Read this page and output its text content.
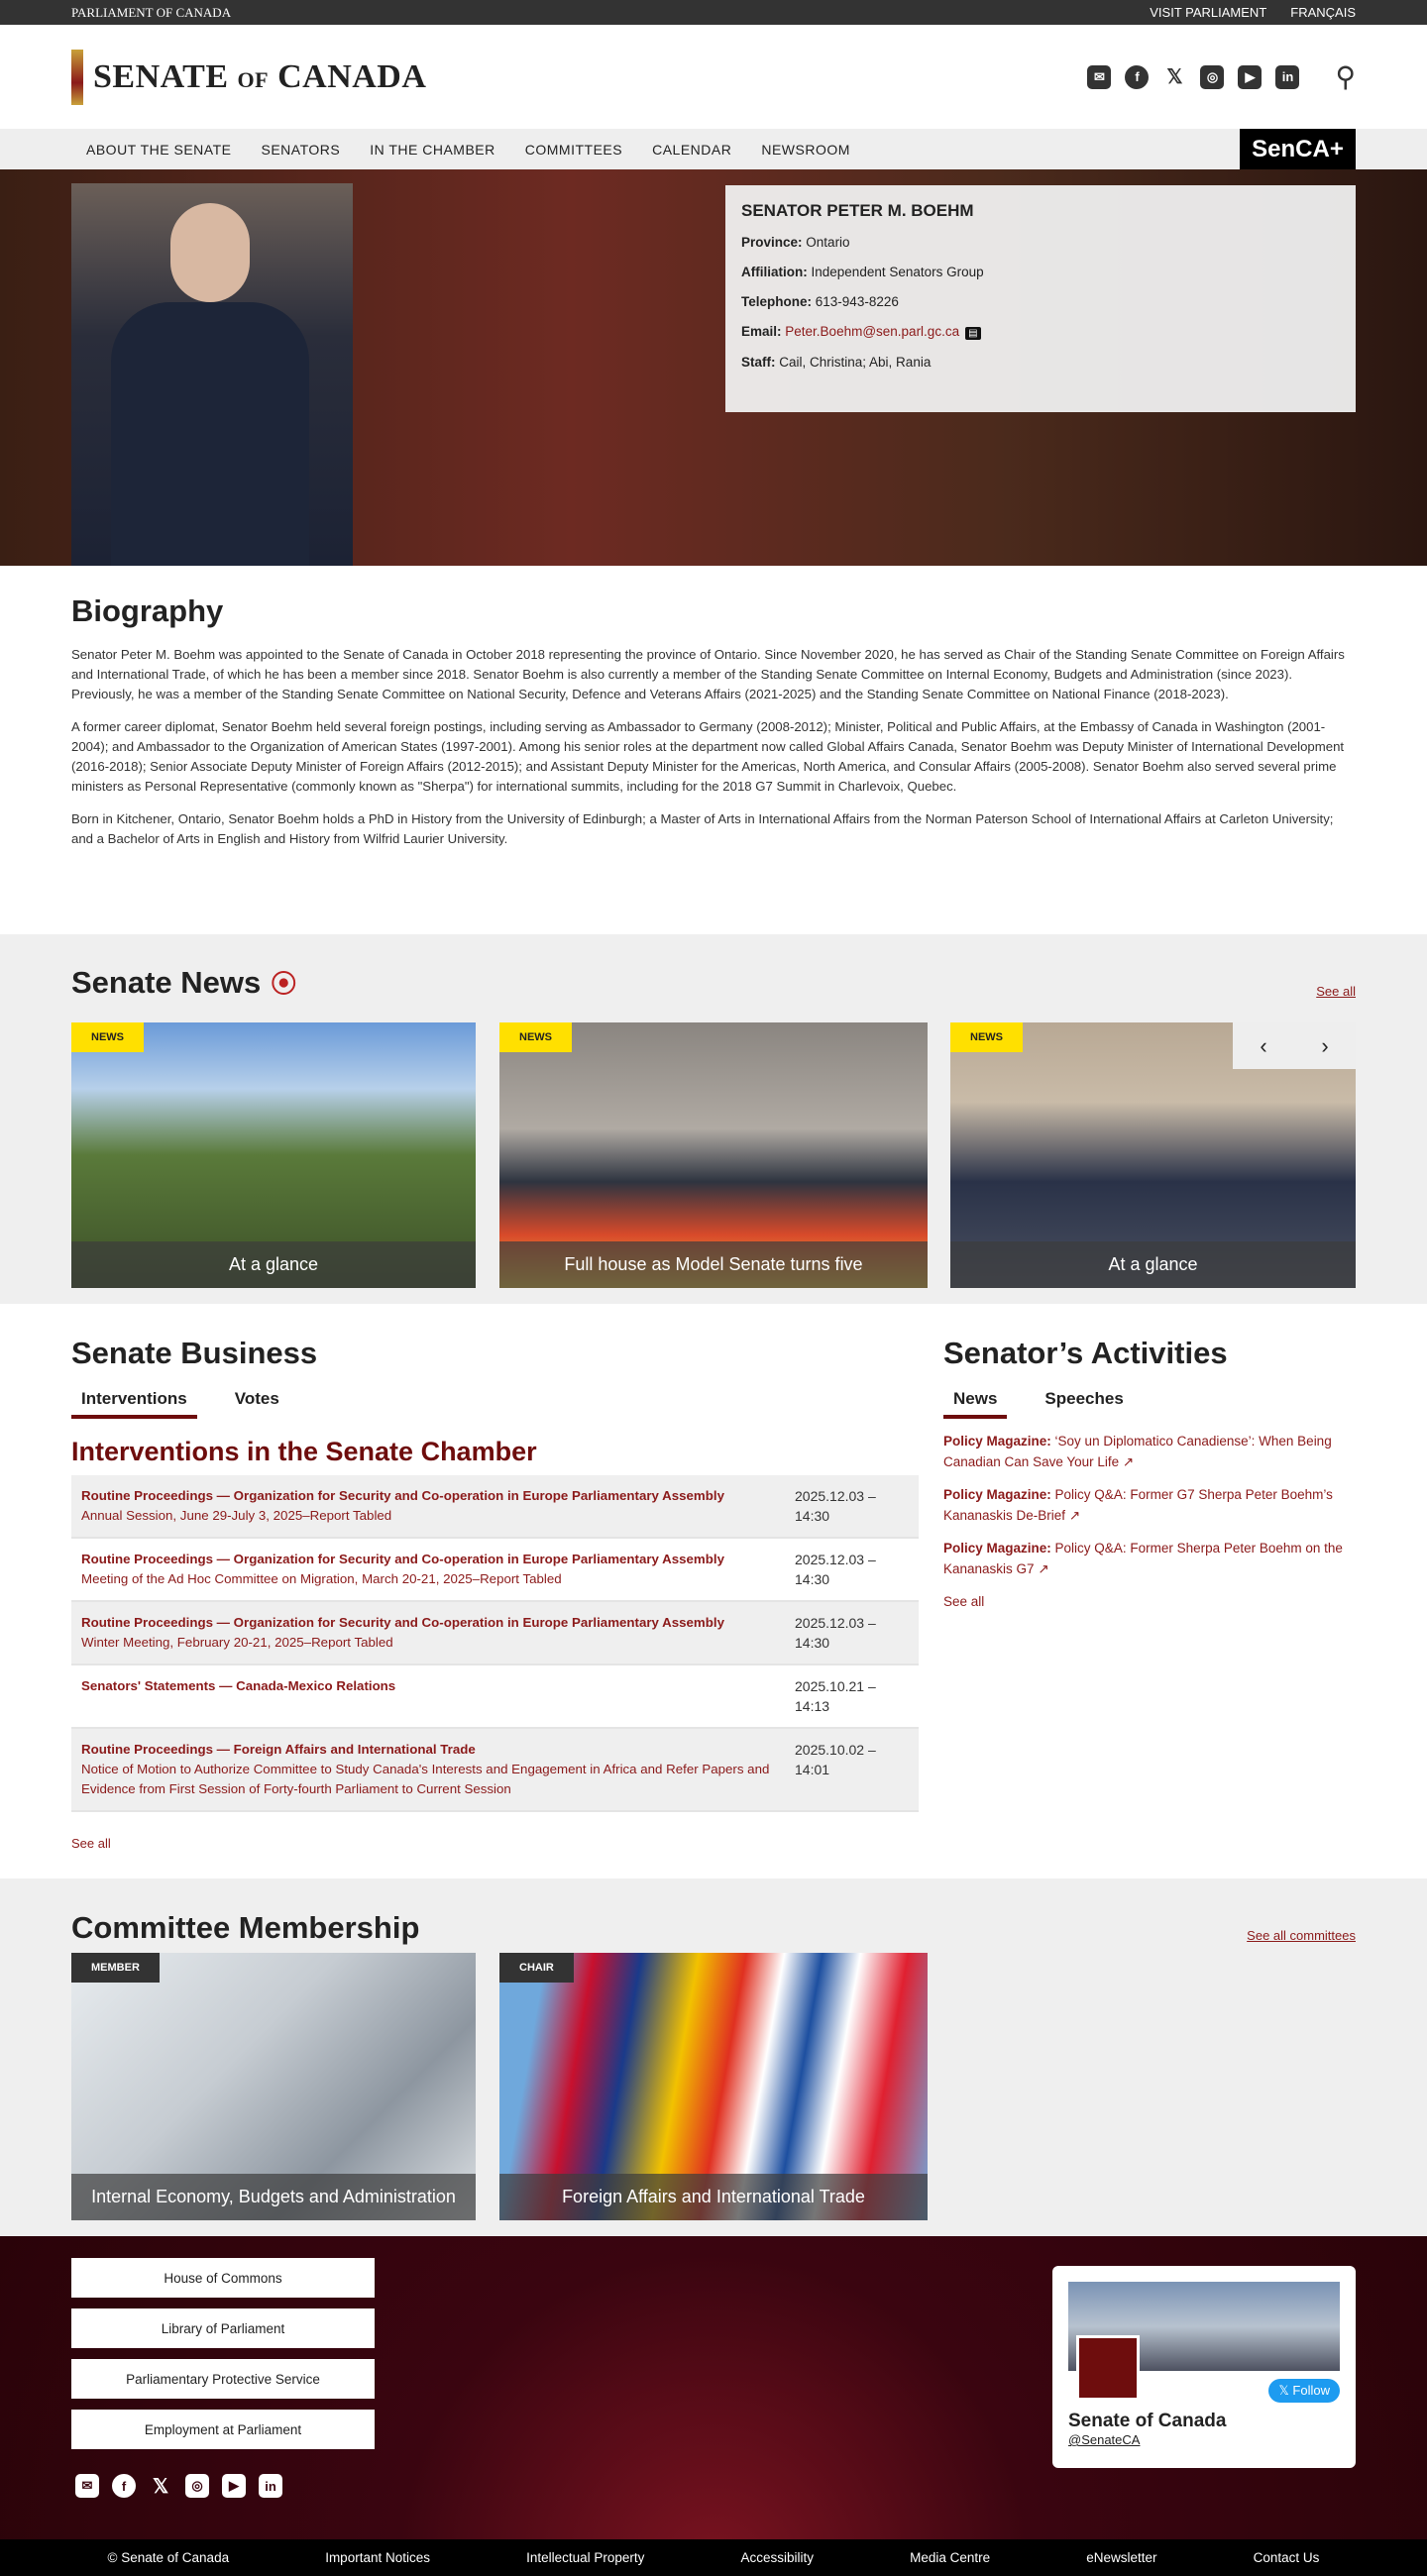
PARLIAMENT OF CANADA	VISIT PARLIAMENT FRANÇAIS
SENATE OF CANADA	✉	f	𝕏	◎	▶	in ⚲
ABOUT THE SENATE SENATORS IN THE CHAMBER COMMITTEES CALENDAR NEWSROOM	SenCA+
SENATOR PETER M. BOEHM

Province: Ontario

Affiliation: Independent Senators Group

Telephone: 613-943-8226

Email: Peter.Boehm@sen.parl.gc.ca ▤

Staff: Cail, Christina; Abi, Rania

Biography

Senator Peter M. Boehm was appointed to the Senate of Canada in October 2018 representing the province of Ontario. Since November 2020, he has served as Chair of the Standing Senate Committee on Foreign Affairs and International Trade, of which he has been a member since 2018. Senator Boehm is also currently a member of the Standing Senate Committee on Internal Economy, Budgets and Administration (since 2023). Previously, he was a member of the Standing Senate Committee on National Security, Defence and Veterans Affairs (2021-2025) and the Standing Senate Committee on National Finance (2018-2023).

A former career diplomat, Senator Boehm held several foreign postings, including serving as Ambassador to Germany (2008-2012); Minister, Political and Public Affairs, at the Embassy of Canada in Washington (2001-2004); and Ambassador to the Organization of American States (1997-2001). Among his senior roles at the department now called Global Affairs Canada, Senator Boehm was Deputy Minister of International Development (2016-2018); Senior Associate Deputy Minister of Foreign Affairs (2012-2015); and Assistant Deputy Minister for the Americas, North America, and Consular Affairs (2005-2008). Senator Boehm also served several prime ministers as Personal Representative (commonly known as "Sherpa") for international summits, including for the 2018 G7 Summit in Charlevoix, Quebec.

Born in Kitchener, Ontario, Senator Boehm holds a PhD in History from the University of Edinburgh; a Master of Arts in International Affairs from the Norman Paterson School of International Affairs at Carleton University; and a Bachelor of Arts in English and History from Wilfrid Laurier University.

Senate News ⦿	See all
NEWS
At a glance
NEWS
Full house as Model Senate turns five
NEWS	‹ ›
At a glance
Senate Business
Interventions	Votes
Interventions in the Senate Chamber
Routine Proceedings — Organization for Security and Co-operation in Europe Parliamentary Assembly
Annual Session, June 29-July 3, 2025–Report Tabled	2025.12.03 – 14:30
Routine Proceedings — Organization for Security and Co-operation in Europe Parliamentary Assembly
Meeting of the Ad Hoc Committee on Migration, March 20-21, 2025–Report Tabled	2025.12.03 – 14:30
Routine Proceedings — Organization for Security and Co-operation in Europe Parliamentary Assembly
Winter Meeting, February 20-21, 2025–Report Tabled	2025.12.03 – 14:30
Senators' Statements — Canada-Mexico Relations	2025.10.21 – 14:13
Routine Proceedings — Foreign Affairs and International Trade
Notice of Motion to Authorize Committee to Study Canada's Interests and Engagement in Africa and Refer Papers and Evidence from First Session of Forty-fourth Parliament to Current Session	2025.10.02 – 14:01
See all
Senator’s Activities
News	Speeches

Policy Magazine: ‘Soy un Diplomatico Canadiense’: When Being Canadian Can Save Your Life ↗

Policy Magazine: Policy Q&A: Former G7 Sherpa Peter Boehm’s Kananaskis De-Brief ↗

Policy Magazine: Policy Q&A: Former Sherpa Peter Boehm on the Kananaskis G7 ↗

See all

Committee Membership	See all committees
MEMBER
Internal Economy, Budgets and Administration
CHAIR
Foreign Affairs and International Trade
House of Commons
Library of Parliament
Parliamentary Protective Service
Employment at Parliament
✉	f	𝕏	◎	▶	in
𝕏 Follow
Senate of Canada
@SenateCA
© Senate of Canada	Important Notices	Intellectual Property	Accessibility	Media Centre	eNewsletter	Contact Us
